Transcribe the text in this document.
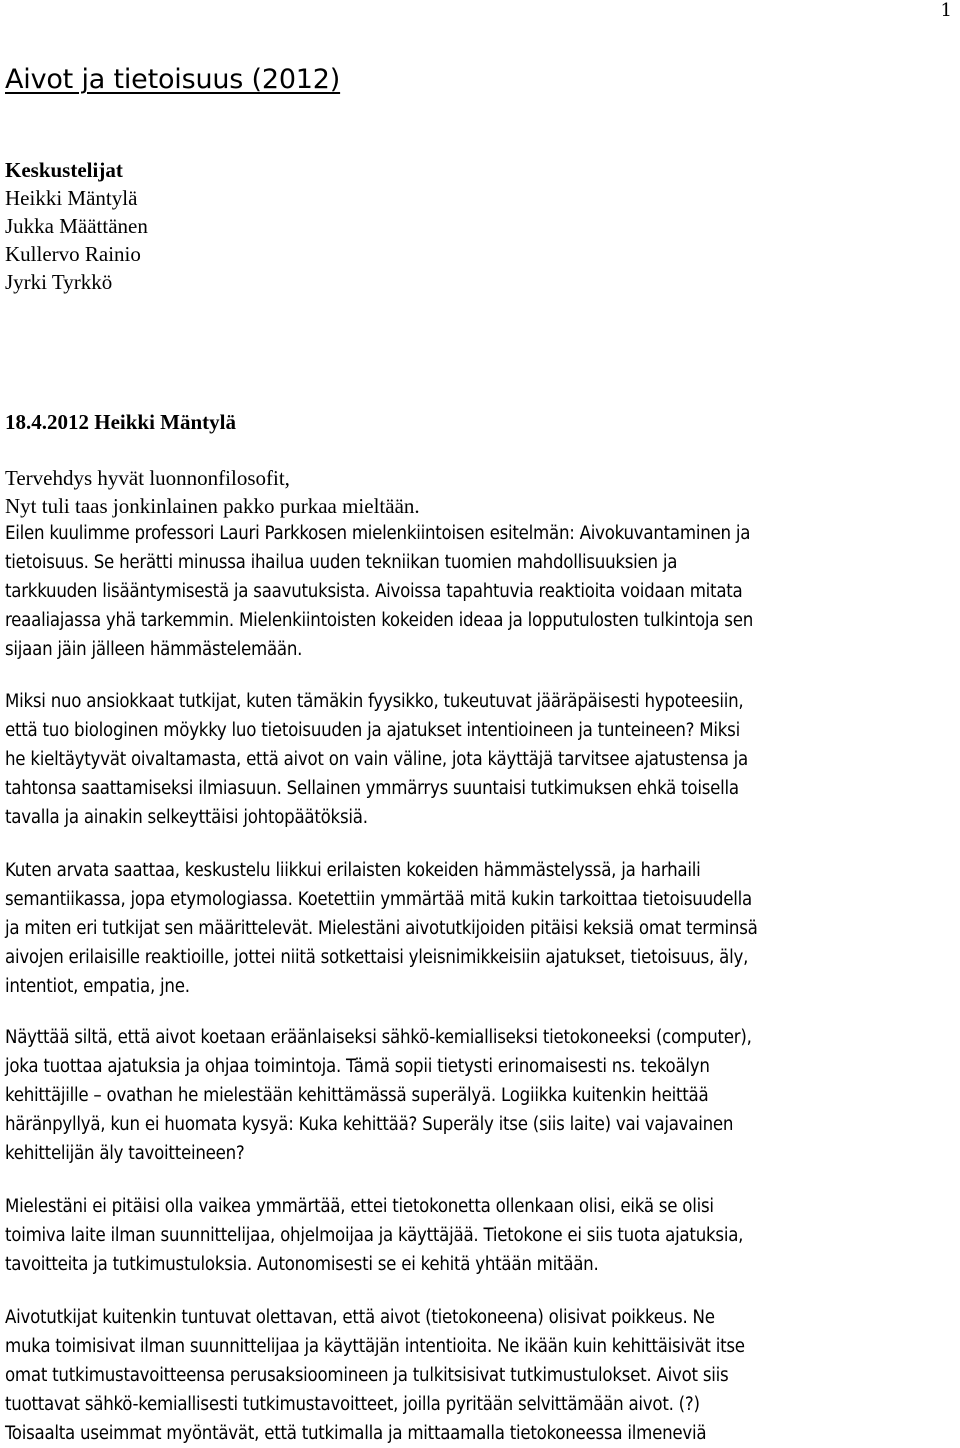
1
Aivot ja tietoisuus (2012)
Keskustelijat
Heikki Mäntylä
Jukka Määttänen
Kullervo Rainio
Jyrki Tyrkkö
18.4.2012 Heikki Mäntylä
Tervehdys hyvät luonnonfilosofit,
Nyt tuli taas jonkinlainen pakko purkaa mieltään.
Eilen kuulimme professori Lauri Parkkosen mielenkiintoisen esitelmän: Aivokuvantaminen ja
tietoisuus. Se herätti minussa ihailua uuden tekniikan tuomien mahdollisuuksien ja
tarkkuuden lisääntymisestä ja saavutuksista. Aivoissa tapahtuvia reaktioita voidaan mitata
reaaliajassa yhä tarkemmin. Mielenkiintoisten kokeiden ideaa ja lopputulosten tulkintoja sen
sijaan jäin jälleen hämmästelemään.
Miksi nuo ansiokkaat tutkijat, kuten tämäkin fyysikko, tukeutuvat jääräpäisesti hypoteesiin,
että tuo biologinen möykky luo tietoisuuden ja ajatukset intentioineen ja tunteineen? Miksi
he kieltäytyvät oivaltamasta, että aivot on vain väline, jota käyttäjä tarvitsee ajatustensa ja
tahtonsa saattamiseksi ilmiasuun. Sellainen ymmärrys suuntaisi tutkimuksen ehkä toisella
tavalla ja ainakin selkeyttäisi johtopäätöksiä.
Kuten arvata saattaa, keskustelu liikkui erilaisten kokeiden hämmästelyssä, ja harhaili
semantiikassa, jopa etymologiassa. Koetettiin ymmärtää mitä kukin tarkoittaa tietoisuudella
ja miten eri tutkijat sen määrittelevät. Mielestäni aivotutkijoiden pitäisi keksiä omat terminsä
aivojen erilaisille reaktioille, jottei niitä sotkettaisi yleisnimikkeisiin ajatukset, tietoisuus, äly,
intentiot, empatia, jne.
Näyttää siltä, että aivot koetaan eräänlaiseksi sähkö-kemialliseksi tietokoneeksi (computer),
joka tuottaa ajatuksia ja ohjaa toimintoja. Tämä sopii tietysti erinomaisesti ns. tekoälyn
kehittäjille – ovathan he mielestään kehittämässä superälyä. Logiikka kuitenkin heittää
häränpyllyä, kun ei huomata kysyä: Kuka kehittää? Superäly itse (siis laite) vai vajavainen
kehittelijän äly tavoitteineen?
Mielestäni ei pitäisi olla vaikea ymmärtää, ettei tietokonetta ollenkaan olisi, eikä se olisi
toimiva laite ilman suunnittelijaa, ohjelmoijaa ja käyttäjää. Tietokone ei siis tuota ajatuksia,
tavoitteita ja tutkimustuloksia. Autonomisesti se ei kehitä yhtään mitään.
Aivotutkijat kuitenkin tuntuvat olettavan, että aivot (tietokoneena) olisivat poikkeus. Ne
muka toimisivat ilman suunnittelijaa ja käyttäjän intentioita. Ne ikään kuin kehittäisivät itse
omat tutkimustavoitteensa perusaksioomineen ja tulkitsisivat tutkimustulokset. Aivot siis
tuottavat sähkö-kemiallisesti tutkimustavoitteet, joilla pyritään selvittämään aivot. (?)
Toisaalta useimmat myöntävät, että tutkimalla ja mittaamalla tietokoneessa ilmeneviä
